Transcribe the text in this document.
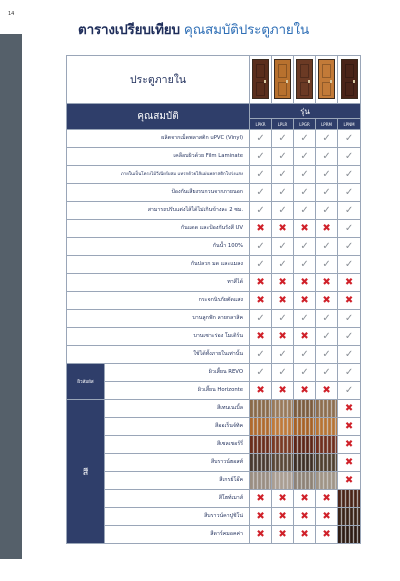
14
ตารางเปรียบเทียบ คุณสมบัติประตูภายใน
ประตูภายใน		

คุณสมบัติ		รุ่น				
		LPKR	LPLR	LPGR	LPRM	LPNM
ผลิตจากเม็ดพลาสติก uPVC (Vinyl)		✓	✓	✓	✓	✓
เคลือบผิวด้วย Film Laminate		✓	✓	✓	✓	✓
ภายในเป็นโครงไม้วีเนียร์ผสม แทรกด้วยไส้แผ่นพลาสติกโปร่งแสง		✓	✓	✓	✓	✓
ป้องกันเสียงรบกวนจากภายนอก		✓	✓	✓	✓	✓
สามารถปรับแต่งไส้ได้ไม่เกินข้างละ 2 ซม.		✓	✓	✓	✓	✓
กันแดด และป้องกันรังสี UV		✖	✖	✖	✖	✓
กันน้ำ 100%		✓	✓	✓	✓	✓
กันปลวก มด และแมลง		✓	✓	✓	✓	✓
ทาสีได้		✖	✖	✖	✖	✖
กระจกนิรภัยตัดแสง		✖	✖	✖	✖	✖
บานลูกฟัก ลายกลาสิค		✓	✓	✓	✓	✓
บานเซาะร่อง โมเดิร์น		✖	✖	✖	✓	✓
ใช้ได้ทั้งภายในเท่านั้น		✓	✓	✓	✓	✓
ผิวสัมผัส	ผิวเสี้ยน REVO	✓	✓	✓	✓	✓
	ผิวเสี้ยน Horizonte	✖	✖	✖	✖	✓
สี	สีเทนเนเบิ้ล					✖
	สีออเร็นจ์ทิค					✖
	สีเซลเชอร์รี่					✖
	สีบราวน์ฮอลท์					✖
	สีเกรย์โอ๊ค					✖
	สีโฮท์เมาส์	✖	✖	✖	✖	
	สีบราวน์คาปูชิโน่	✖	✖	✖	✖	
	สีดาร์คมอคค่า	✖	✖	✖	✖	
